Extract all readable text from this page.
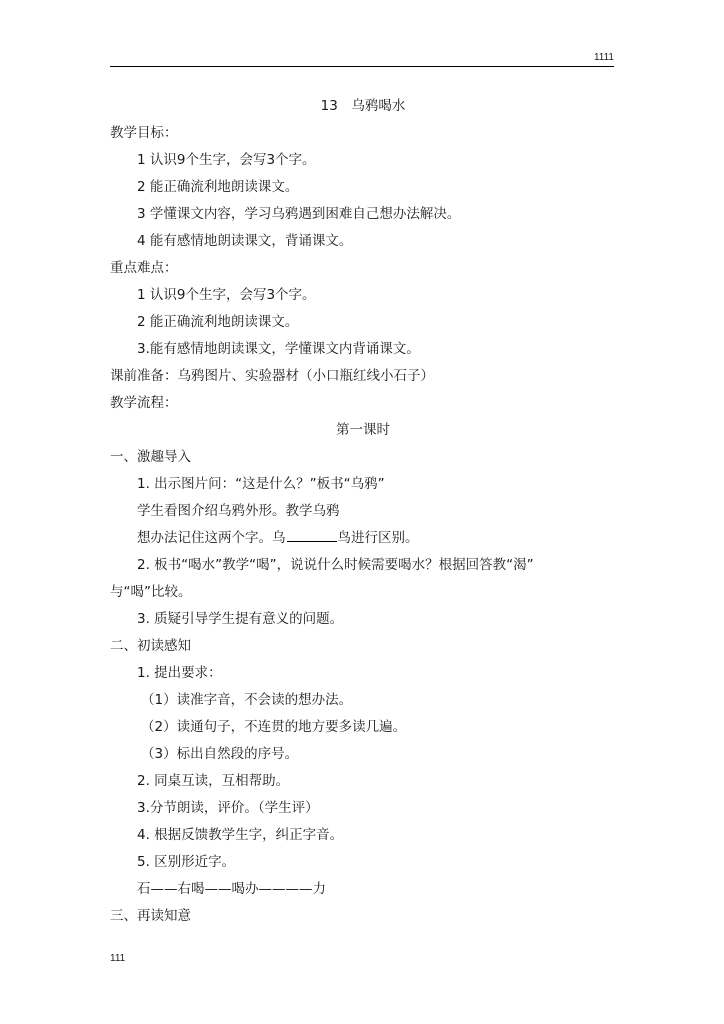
1111
13　乌鸦喝水
教学目标：
1 认识9个生字，会写3个字。
2 能正确流利地朗读课文。
3 学懂课文内容，学习乌鸦遇到困难自己想办法解决。
4 能有感情地朗读课文，背诵课文。
重点难点：
1 认识9个生字，会写3个字。
2 能正确流利地朗读课文。
3.能有感情地朗读课文，学懂课文内背诵课文。
课前准备：乌鸦图片、实验器材（小口瓶红线小石子）
教学流程：
第一课时
一、激趣导入
1. 出示图片问：“这是什么？”板书“乌鸦”
学生看图介绍乌鸦外形。教学乌鸦
想办法记住这两个字。乌	鸟进行区别。
2. 板书“喝水”教学“喝”，说说什么时候需要喝水？根据回答教“渴”
与“喝”比较。
3. 质疑引导学生提有意义的问题。
二、初读感知
1. 提出要求：
（1）读准字音，不会读的想办法。
（2）读通句子，不连贯的地方要多读几遍。
（3）标出自然段的序号。
2. 同桌互读，互相帮助。
3.分节朗读，评价。（学生评）
4. 根据反馈教学生字，纠正字音。
5. 区别形近字。
石——右喝——喝办————力
三、再读知意
111
